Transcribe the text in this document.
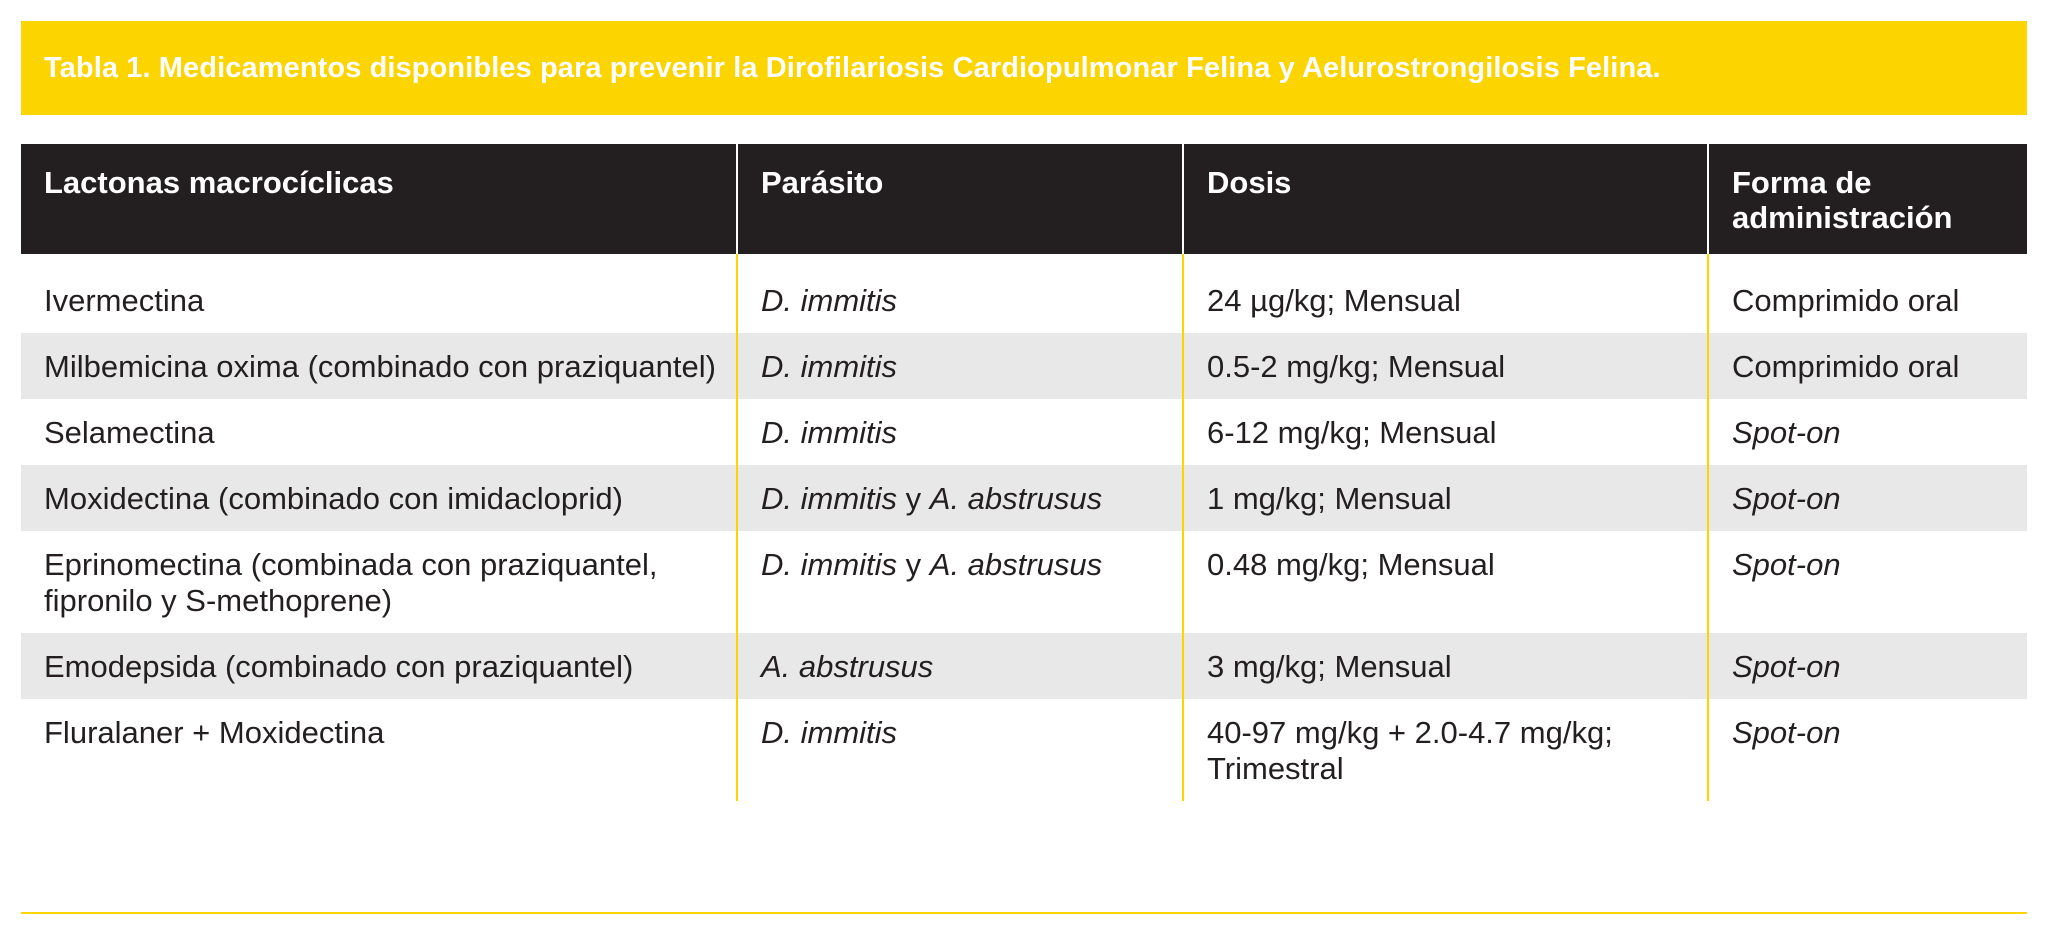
Tabla 1. Medicamentos disponibles para prevenir la Dirofilariosis Cardiopulmonar Felina y Aelurostrongilosis Felina.
Lactonas macrocíclicas	Parásito	Dosis	Forma de administración

Ivermectina	D. immitis	24 µg/kg; Mensual	Comprimido oral
Milbemicina oxima (combinado con praziquantel)	D. immitis	0.5-2 mg/kg; Mensual	Comprimido oral
Selamectina	D. immitis	6-12 mg/kg; Mensual	Spot-on
Moxidectina (combinado con imidacloprid)	D. immitis y A. abstrusus	1 mg/kg; Mensual	Spot-on
Eprinomectina (combinada con praziquantel, fipronilo y S-methoprene)	D. immitis y A. abstrusus	0.48 mg/kg; Mensual	Spot-on
Emodepsida (combinado con praziquantel)	A. abstrusus	3 mg/kg; Mensual	Spot-on
Fluralaner + Moxidectina	D. immitis	40-97 mg/kg + 2.0-4.7 mg/kg; Trimestral	Spot-on
